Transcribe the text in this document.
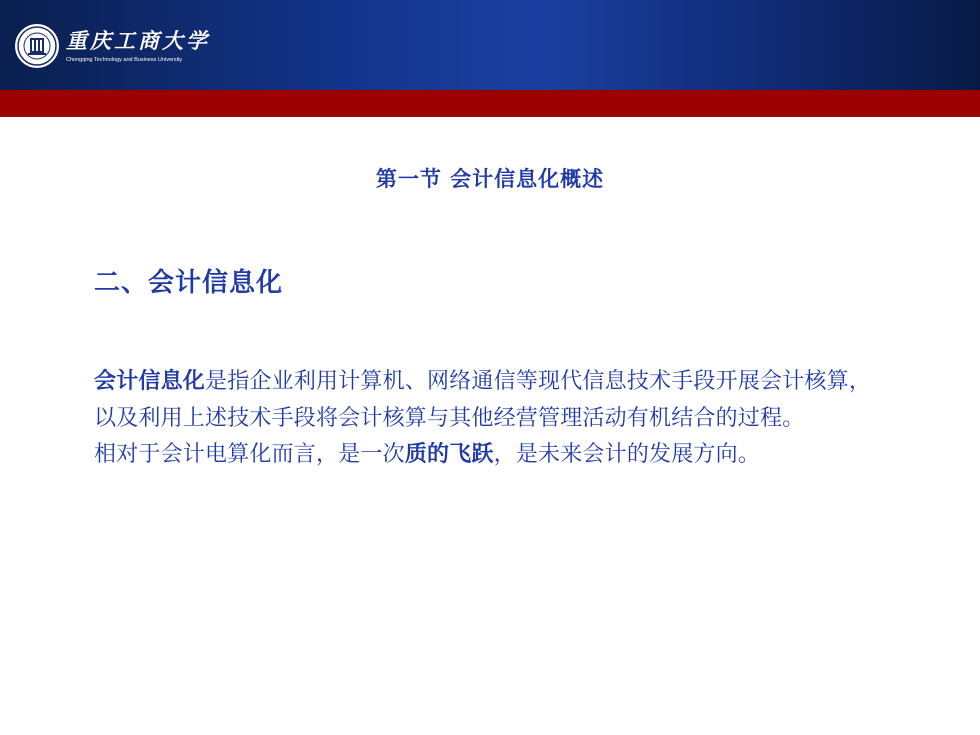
重庆工商大学
Chongqing Technology and Business University
第一节 会计信息化概述
二、会计信息化

会计信息化是指企业利用计算机、网络通信等现代信息技术手段开展会计核算，以及利用上述技术手段将会计核算与其他经营管理活动有机结合的过程。

相对于会计电算化而言，是一次质的飞跃，是未来会计的发展方向。
